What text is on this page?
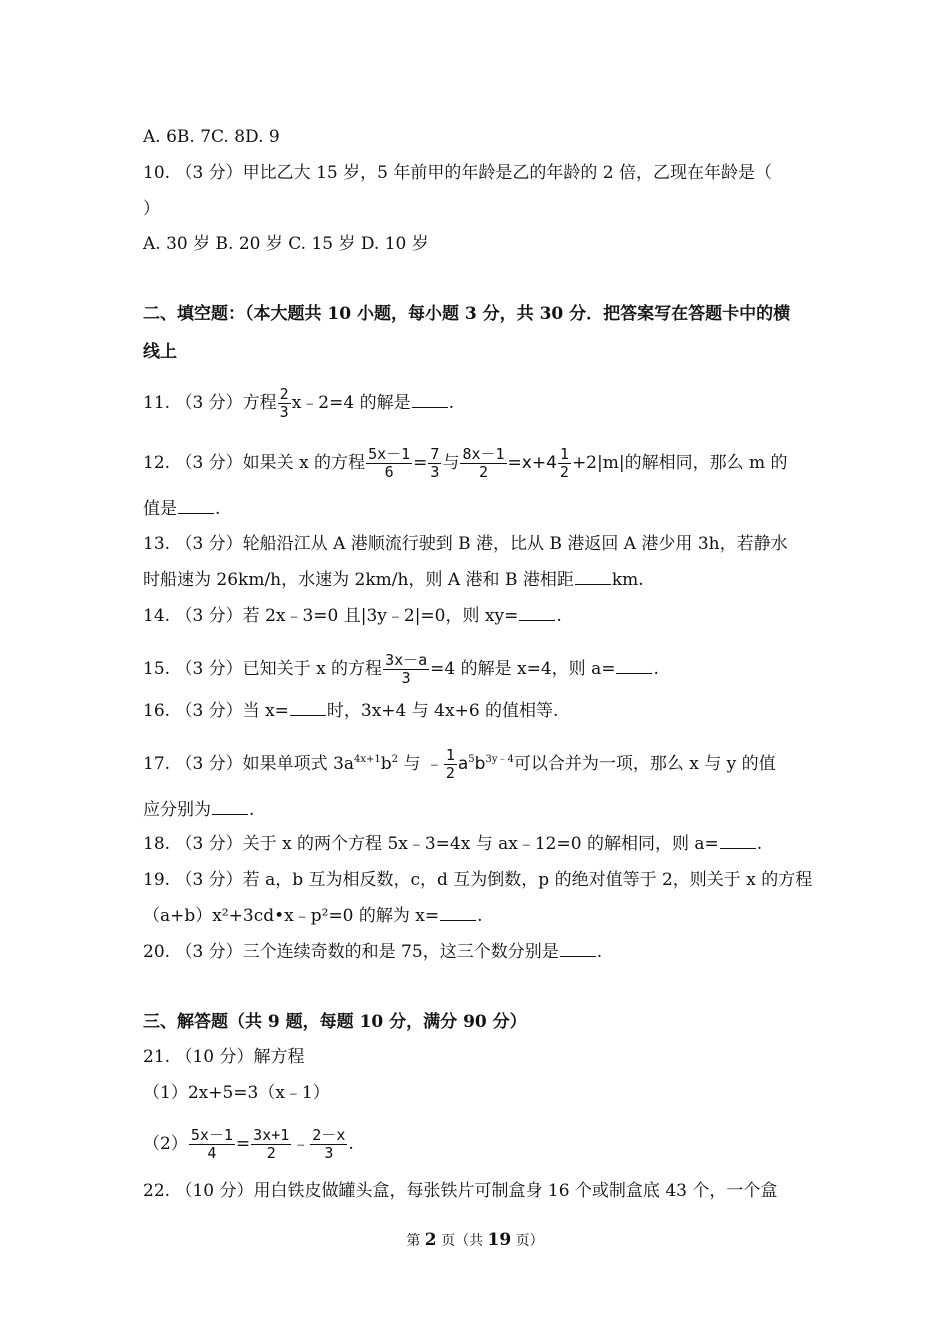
A. 6B. 7C. 8D. 9
10. （3 分）甲比乙大 15 岁，5 年前甲的年龄是乙的年龄的 2 倍，乙现在年龄是（
）
A. 30 岁 B. 20 岁 C. 15 岁 D. 10 岁
二、填空题：（本大题共 10 小题，每小题 3 分，共 30 分．把答案写在答题卡中的横
线上
11. （3 分）方程 $\frac{2}{3}$ x﹣2=4 的解是 .
12. （3 分）如果关 x 的方程 $\frac{5x-1}{6} = \frac{7}{3}$ 与 $\frac{8x-1}{2} =x+4 \frac{1}{2} +2|m|$的解相同，那么 m 的
值是 .
13. （3 分）轮船沿江从 A 港顺流行驶到 B 港，比从 B 港返回 A 港少用 3h，若静水
时船速为 26km/h，水速为 2km/h，则 A 港和 B 港相距 km.
14. （3 分）若 2x﹣3=0 且|3y﹣2|=0，则 xy= .
15. （3 分）已知关于 x 的方程 $\frac{3x-a}{3} =4$ 的解是 x=4，则 a= .
16. （3 分）当 x= 时，3x+4 与 4x+6 的值相等.
17. （3 分）如果单项式 $3a^{4x+1}b^2$ 与 ﹣ $\frac{1}{2} a^5b^{3y﹣4}$可以合并为一项，那么 x 与 y 的值
应分别为 .
18. （3 分）关于 x 的两个方程 5x﹣3=4x 与 ax﹣12=0 的解相同，则 a= .
19. （3 分）若 a，b 互为相反数，c，d 互为倒数，p 的绝对值等于 2，则关于 x 的方程
（a+b）x²+3cd•x﹣p²=0 的解为 x= .
20. （3 分）三个连续奇数的和是 75，这三个数分别是 .
三、解答题（共 9 题，每题 10 分，满分 90 分）
21. （10 分）解方程
（1）2x+5=3（x﹣1）
$(2) \frac{5x-1}{4} = \frac{3x+1}{2}$ ﹣ $\frac{2-x}{3}$ .
22. （10 分）用白铁皮做罐头盒，每张铁片可制盒身 16 个或制盒底 43 个，一个盒
第 2 页（共 19 页）
